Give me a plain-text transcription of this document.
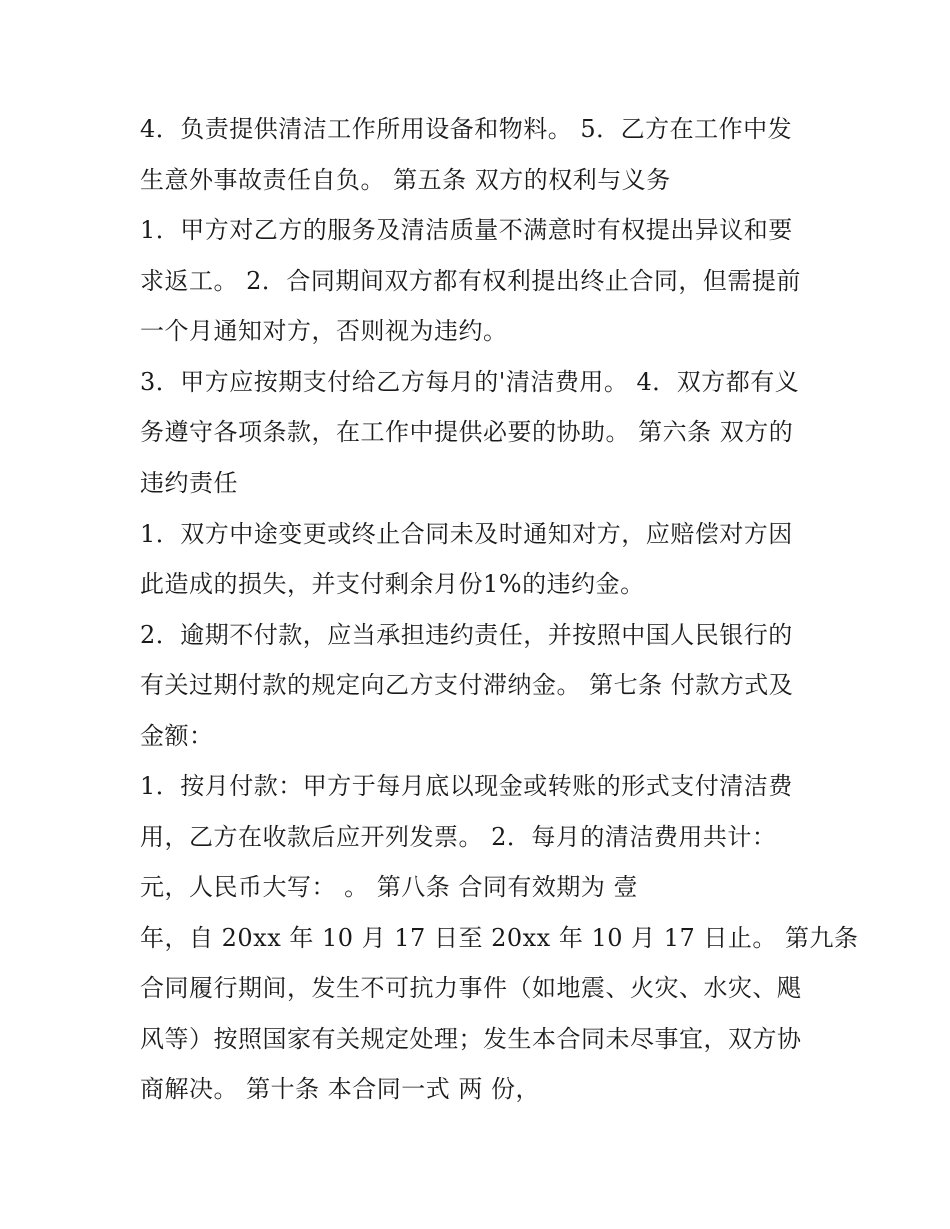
4．负责提供清洁工作所用设备和物料。 5．乙方在工作中发
生意外事故责任自负。 第五条 双方的权利与义务
1．甲方对乙方的服务及清洁质量不满意时有权提出异议和要
求返工。 2．合同期间双方都有权利提出终止合同，但需提前
一个月通知对方，否则视为违约。
3．甲方应按期支付给乙方每月的'清洁费用。 4．双方都有义
务遵守各项条款，在工作中提供必要的协助。 第六条 双方的
违约责任
1．双方中途变更或终止合同未及时通知对方，应赔偿对方因
此造成的损失，并支付剩余月份1%的违约金。
2．逾期不付款，应当承担违约责任，并按照中国人民银行的
有关过期付款的规定向乙方支付滞纳金。 第七条 付款方式及
金额：
1．按月付款：甲方于每月底以现金或转账的形式支付清洁费
用，乙方在收款后应开列发票。 2．每月的清洁费用共计：
元，人民币大写： 。 第八条 合同有效期为 壹
年，自 20xx 年 10 月 17 日至 20xx 年 10 月 17 日止。 第九条
合同履行期间，发生不可抗力事件（如地震、火灾、水灾、飓
风等）按照国家有关规定处理；发生本合同未尽事宜，双方协
商解决。 第十条 本合同一式 两 份，
